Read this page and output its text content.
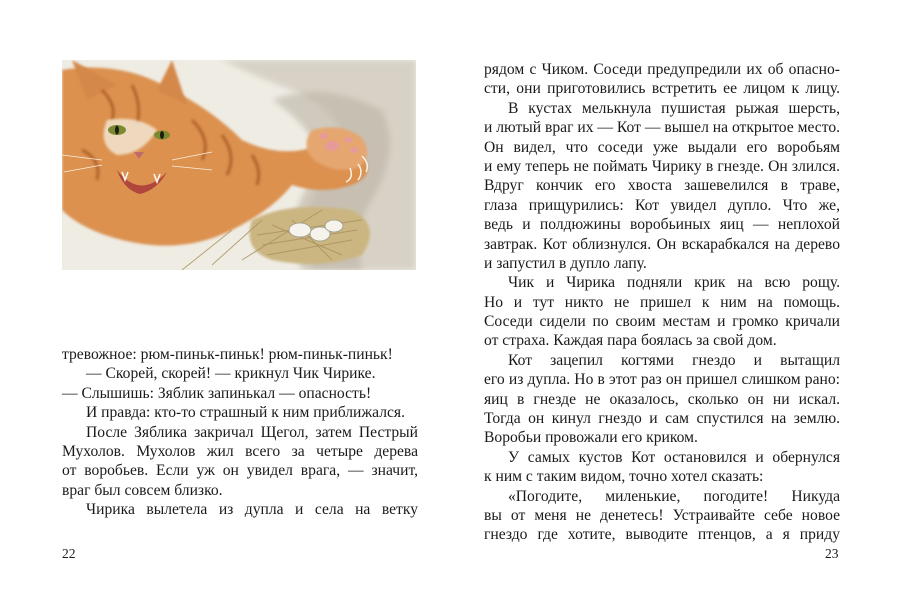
тревожное: рюм-пиньк-пиньк! рюм-пиньк-пиньк!
— Скорей, скорей! — крикнул Чик Чирике.
— Слышишь: Зяблик запинькал — опасность!
И правда: кто-то страшный к ним приближался.
После Зяблика закричал Щегол, затем Пестрый
Мухолов. Мухолов жил всего за четыре дерева
от воробьев. Если уж он увидел врага, — значит,
враг был совсем близко.
Чирика вылетела из дупла и села на ветку
22
рядом с Чиком. Соседи предупредили их об опасно-
сти, они приготовились встретить ее лицом к лицу.
В кустах мелькнула пушистая рыжая шерсть,
и лютый враг их — Кот — вышел на открытое место.
Он видел, что соседи уже выдали его воробьям
и ему теперь не поймать Чирику в гнезде. Он злился.
Вдруг кончик его хвоста зашевелился в траве,
глаза прищурились: Кот увидел дупло. Что же,
ведь и полдюжины воробьиных яиц — неплохой
завтрак. Кот облизнулся. Он вскарабкался на дерево
и запустил в дупло лапу.
Чик и Чирика подняли крик на всю рощу.
Но и тут никто не пришел к ним на помощь.
Соседи сидели по своим местам и громко кричали
от страха. Каждая пара боялась за свой дом.
Кот зацепил когтями гнездо и вытащил
его из дупла. Но в этот раз он пришел слишком рано:
яиц в гнезде не оказалось, сколько он ни искал.
Тогда он кинул гнездо и сам спустился на землю.
Воробьи провожали его криком.
У самых кустов Кот остановился и обернулся
к ним с таким видом, точно хотел сказать:
«Погодите, миленькие, погодите! Никуда
вы от меня не денетесь! Устраивайте себе новое
гнездо где хотите, выводите птенцов, а я приду
23
